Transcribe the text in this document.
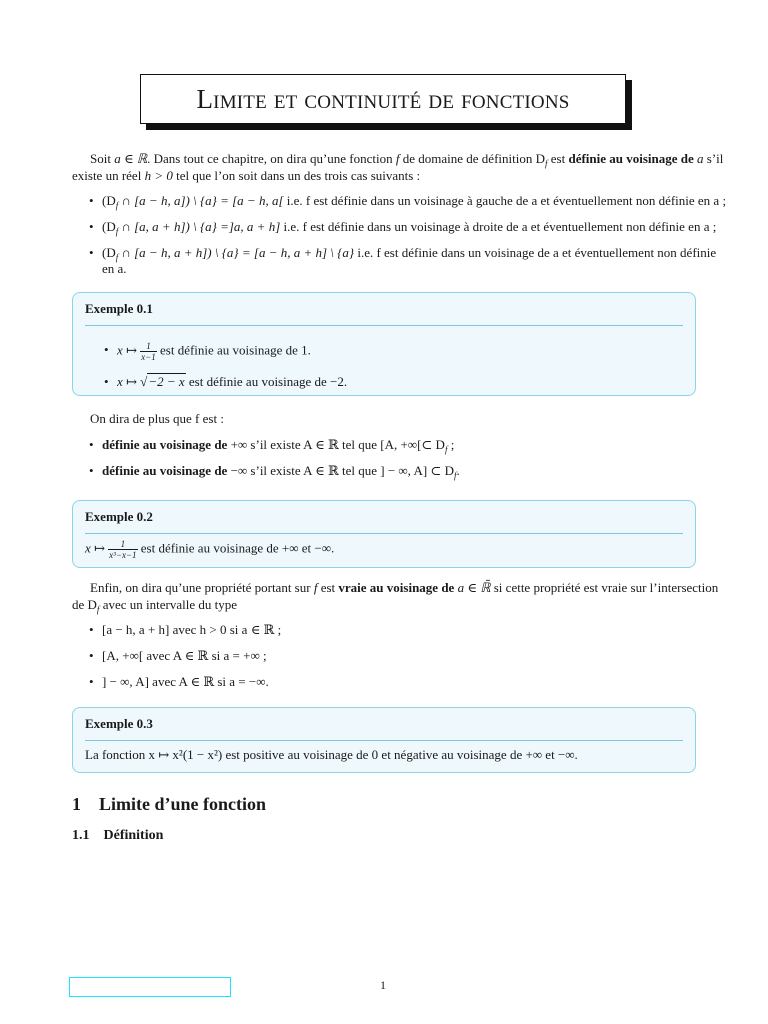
Limite et continuité de fonctions
Soit a ∈ ℝ. Dans tout ce chapitre, on dira qu’une fonction f de domaine de définition $D_f$ est définie au voisinage de a s’il
existe un réel h > 0 tel que l’on soit dans un des trois cas suivants :
• ($D_f$ ∩ [a − h, a]) \ {a} = [a − h, a[ i.e. f est définie dans un voisinage à gauche de a et éventuellement non définie en a ;
• ($D_f$ ∩ [a, a + h]) \ {a} =]a, a + h] i.e. f est définie dans un voisinage à droite de a et éventuellement non définie en a ;
• ($D_f$ ∩ [a − h, a + h]) \ {a} = [a − h, a + h] \ {a} i.e. f est définie dans un voisinage de a et éventuellement non définie
en a.
Exemple 0.1
• x ↦ $\frac{1}{x-1}$ est définie au voisinage de 1.
• x ↦ √−2 − x est définie au voisinage de −2.
On dira de plus que f est :
• définie au voisinage de +∞ s’il existe A ∈ ℝ tel que [A, +∞[⊂ $D_f$ ;
• définie au voisinage de −∞ s’il existe A ∈ ℝ tel que ] − ∞, A] ⊂ $D_f$.
Exemple 0.2
x ↦ $\frac{1}{\text{x³−x−1}}$ est définie au voisinage de +∞ et −∞.
Enfin, on dira qu’une propriété portant sur f est vraie au voisinage de a ∈ ℝ̄ si cette propriété est vraie sur l’intersection
de $D_f$ avec un intervalle du type
• [a − h, a + h] avec h > 0 si a ∈ ℝ ;
• [A, +∞[ avec A ∈ ℝ si a = +∞ ;
• ] − ∞, A] avec A ∈ ℝ si a = −∞.
Exemple 0.3
La fonction x ↦ x²(1 − x²) est positive au voisinage de 0 et négative au voisinage de +∞ et −∞.
1 Limite d’une fonction
1.1 Définition
1
